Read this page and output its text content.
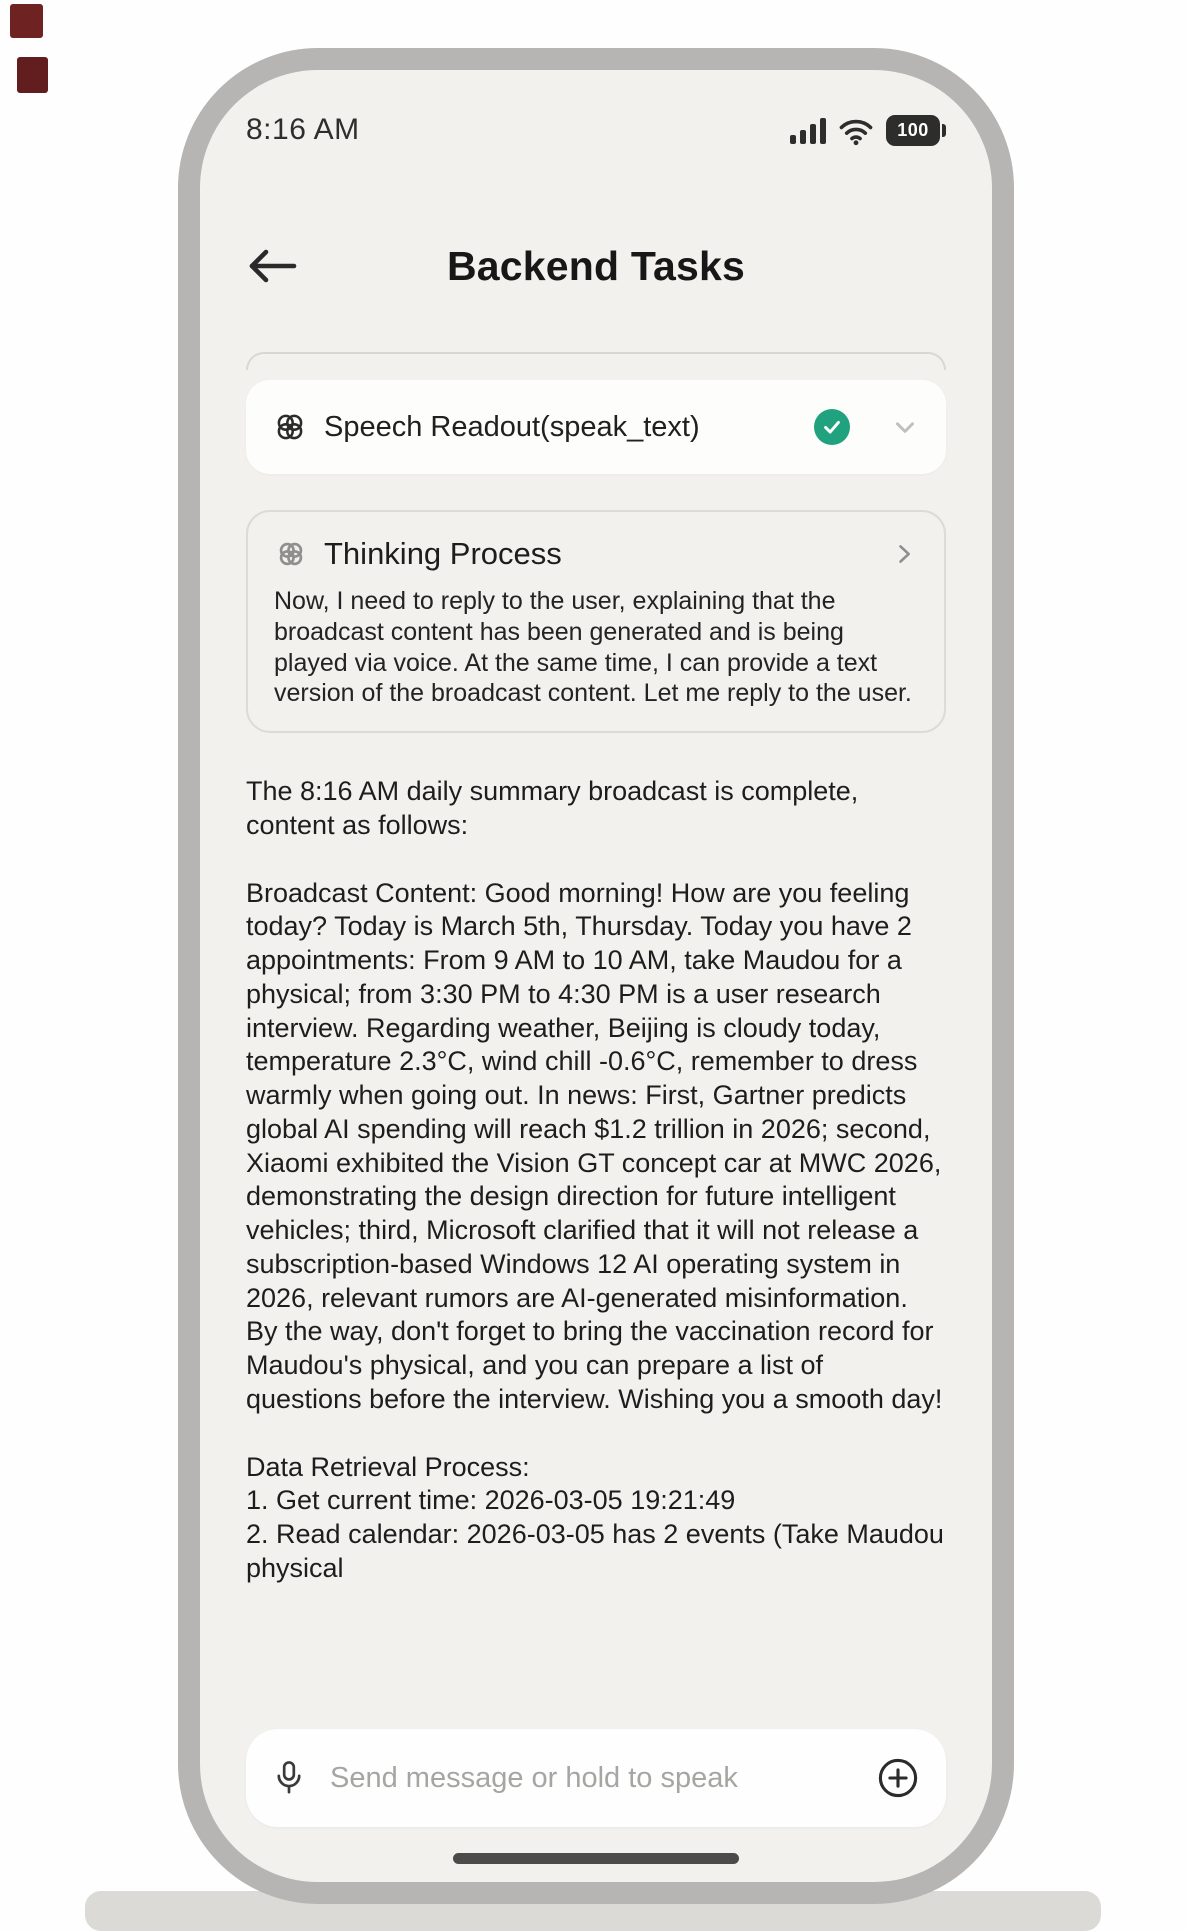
8:16 AM	100
Backend Tasks
Speech Readout(speak_text)
Thinking Process
Now, I need to reply to the user, explaining that the broadcast content has been generated and is being played via voice. At the same time, I can provide a text version of the broadcast content. Let me reply to the user.

The 8:16 AM daily summary broadcast is complete, content as follows:

Broadcast Content: Good morning! How are you feeling today? Today is March 5th, Thursday. Today you have 2 appointments: From 9 AM to 10 AM, take Maudou for a physical; from 3:30 PM to 4:30 PM is a user research interview. Regarding weather, Beijing is cloudy today, temperature 2.3°C, wind chill -0.6°C, remember to dress warmly when going out. In news: First, Gartner predicts global AI spending will reach $1.2 trillion in 2026; second, Xiaomi exhibited the Vision GT concept car at MWC 2026, demonstrating the design direction for future intelligent vehicles; third, Microsoft clarified that it will not release a subscription-based Windows 12 AI operating system in 2026, relevant rumors are AI-generated misinformation. By the way, don't forget to bring the vaccination record for Maudou's physical, and you can prepare a list of questions before the interview. Wishing you a smooth day!

Data Retrieval Process:
1. Get current time: 2026-03-05 19:21:49
2. Read calendar: 2026-03-05 has 2 events (Take Maudou physical
Send message or hold to speak
